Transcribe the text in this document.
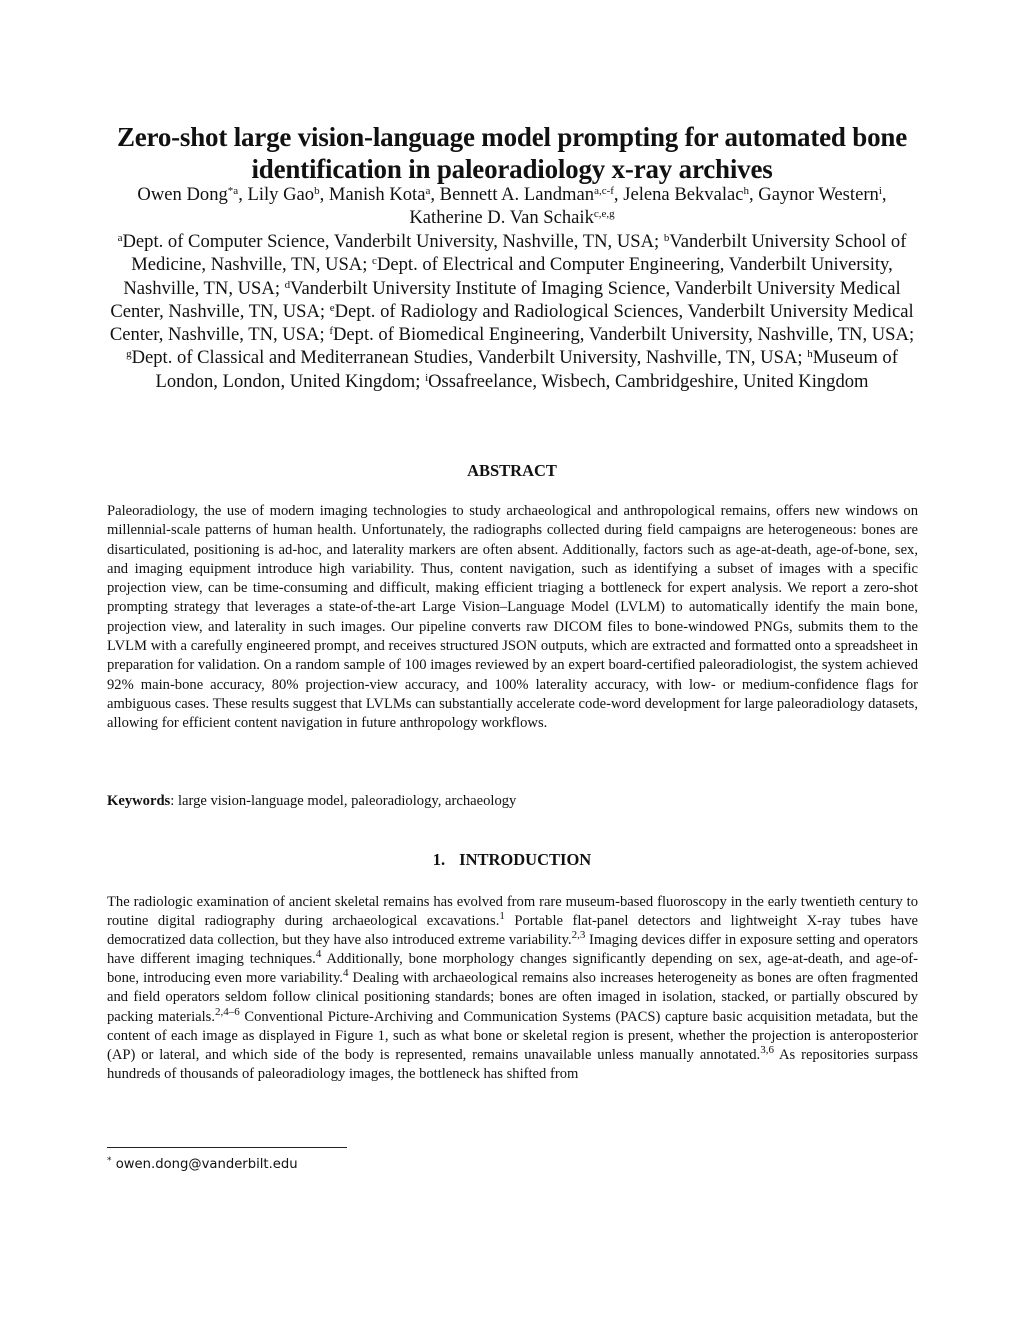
Zero-shot large vision-language model prompting for automated bone
identification in paleoradiology x-ray archives
Owen Dong$^{*a}$, Lily Gao$^b$, Manish Kota$^a$, Bennett A. Landman$^{a,c-f}$, Jelena Bekvalac$^h$, Gaynor Western$^i$, Katherine D. Van Schaik$^{c,e,g}$
$^a$Dept. of Computer Science, Vanderbilt University, Nashville, TN, USA; $^b$Vanderbilt University School of Medicine, Nashville, TN, USA; $^c$Dept. of Electrical and Computer Engineering, Vanderbilt University, Nashville, TN, USA; $^d$Vanderbilt University Institute of Imaging Science, Vanderbilt University Medical Center, Nashville, TN, USA; $^e$Dept. of Radiology and Radiological Sciences, Vanderbilt University Medical Center, Nashville, TN, USA; $^f$Dept. of Biomedical Engineering, Vanderbilt University, Nashville, TN, USA; $^g$Dept. of Classical and Mediterranean Studies, Vanderbilt University, Nashville, TN, USA; $^h$Museum of London, London, United Kingdom; $^i$Ossafreelance, Wisbech, Cambridgeshire, United Kingdom
ABSTRACT
Paleoradiology, the use of modern imaging technologies to study archaeological and anthropological remains, offers new windows on millennial-scale patterns of human health. Unfortunately, the radiographs collected during field campaigns are heterogeneous: bones are disarticulated, positioning is ad-hoc, and laterality markers are often absent. Additionally, factors such as age-at-death, age-of-bone, sex, and imaging equipment introduce high variability. Thus, content navigation, such as identifying a subset of images with a specific projection view, can be time-consuming and difficult, making efficient triaging a bottleneck for expert analysis. We report a zero-shot prompting strategy that leverages a state-of-the-art Large Vision–Language Model (LVLM) to automatically identify the main bone, projection view, and laterality in such images. Our pipeline converts raw DICOM files to bone-windowed PNGs, submits them to the LVLM with a carefully engineered prompt, and receives structured JSON outputs, which are extracted and formatted onto a spreadsheet in preparation for validation. On a random sample of 100 images reviewed by an expert board-certified paleoradiologist, the system achieved 92% main-bone accuracy, 80% projection-view accuracy, and 100% laterality accuracy, with low- or medium-confidence flags for ambiguous cases. These results suggest that LVLMs can substantially accelerate code-word development for large paleoradiology datasets, allowing for efficient content navigation in future anthropology workflows.
Keywords: large vision-language model, paleoradiology, archaeology
1. INTRODUCTION
The radiologic examination of ancient skeletal remains has evolved from rare museum-based fluoroscopy in the early twentieth century to routine digital radiography during archaeological excavations.$^1$ Portable flat-panel detectors and lightweight X-ray tubes have democratized data collection, but they have also introduced extreme variability.$^{2,3}$ Imaging devices differ in exposure setting and operators have different imaging techniques.$^4$ Additionally, bone morphology changes significantly depending on sex, age-at-death, and age-of-bone, introducing even more variability.$^4$ Dealing with archaeological remains also increases heterogeneity as bones are often fragmented and field operators seldom follow clinical positioning standards; bones are often imaged in isolation, stacked, or partially obscured by packing materials.$^{2,4-6}$ Conventional Picture-Archiving and Communication Systems (PACS) capture basic acquisition metadata, but the content of each image as displayed in Figure 1, such as what bone or skeletal region is present, whether the projection is anteroposterior (AP) or lateral, and which side of the body is represented, remains unavailable unless manually annotated.$^{3,6}$ As repositories surpass hundreds of thousands of paleoradiology images, the bottleneck has shifted from
* owen.dong@vanderbilt.edu
